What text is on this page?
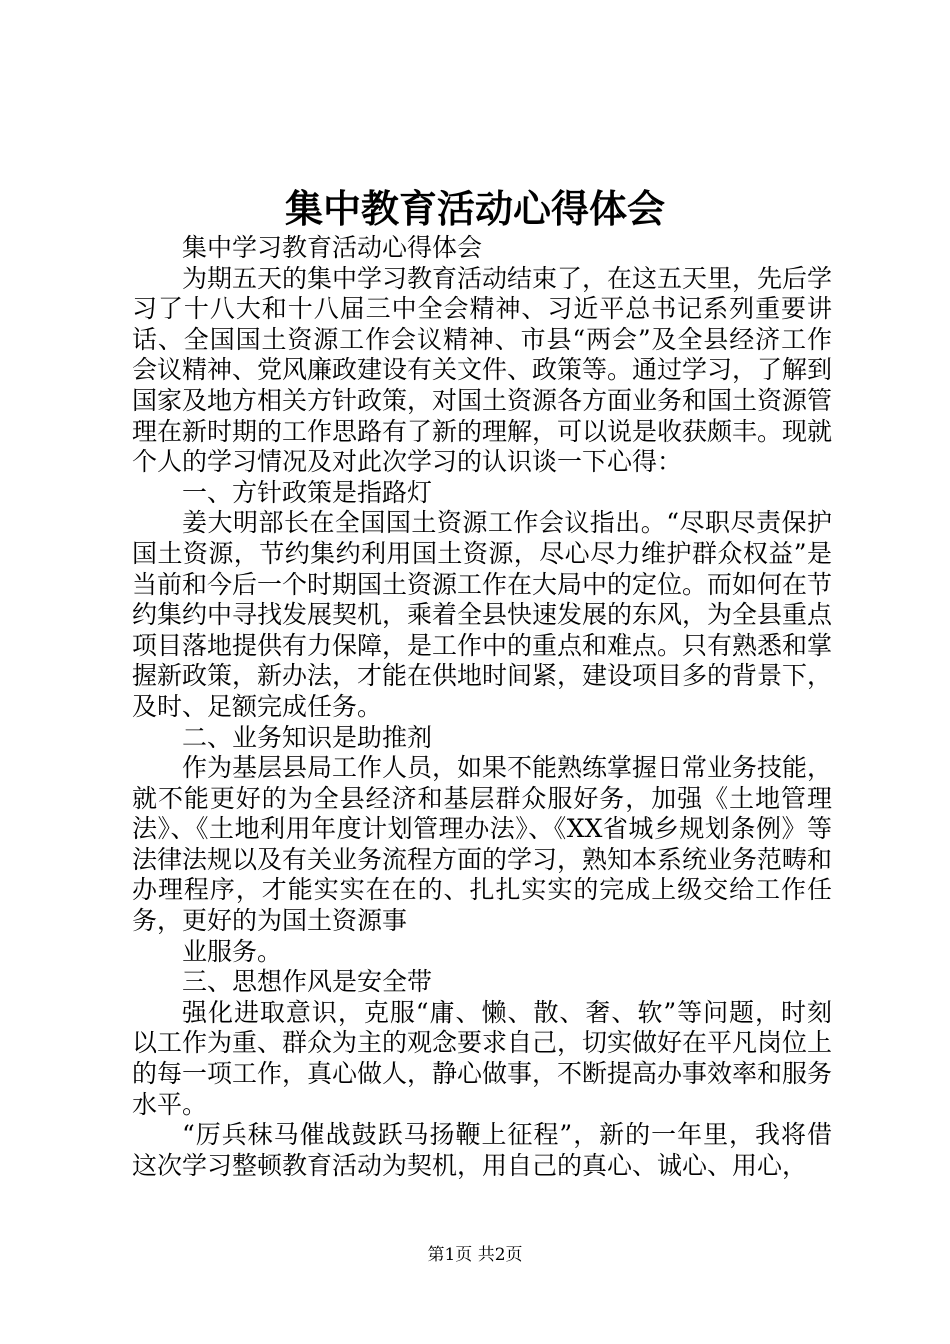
集中教育活动心得体会

集中学习教育活动心得体会

为期五天的集中学习教育活动结束了，在这五天里，先后学习了十八大和十八届三中全会精神、习近平总书记系列重要讲话、全国国土资源工作会议精神、市县“两会”及全县经济工作会议精神、党风廉政建设有关文件、政策等。通过学习，了解到国家及地方相关方针政策，对国土资源各方面业务和国土资源管理在新时期的工作思路有了新的理解，可以说是收获颇丰。现就个人的学习情况及对此次学习的认识谈一下心得：

一、方针政策是指路灯

姜大明部长在全国国土资源工作会议指出。“尽职尽责保护国土资源，节约集约利用国土资源，尽心尽力维护群众权益”是当前和今后一个时期国土资源工作在大局中的定位。而如何在节约集约中寻找发展契机，乘着全县快速发展的东风，为全县重点项目落地提供有力保障，是工作中的重点和难点。只有熟悉和掌握新政策，新办法，才能在供地时间紧，建设项目多的背景下，及时、足额完成任务。

二、业务知识是助推剂

作为基层县局工作人员，如果不能熟练掌握日常业务技能，就不能更好的为全县经济和基层群众服好务，加强《土地管理法》、《土地利用年度计划管理办法》、《XX省城乡规划条例》等法律法规以及有关业务流程方面的学习，熟知本系统业务范畴和办理程序，才能实实在在的、扎扎实实的完成上级交给工作任务，更好的为国土资源事

业服务。

三、思想作风是安全带

强化进取意识，克服“庸、懒、散、奢、软”等问题，时刻以工作为重、群众为主的观念要求自己，切实做好在平凡岗位上的每一项工作，真心做人，静心做事，不断提高办事效率和服务水平。

“厉兵秣马催战鼓跃马扬鞭上征程”，新的一年里，我将借这次学习整顿教育活动为契机，用自己的真心、诚心、用心，

第1页 共2页
